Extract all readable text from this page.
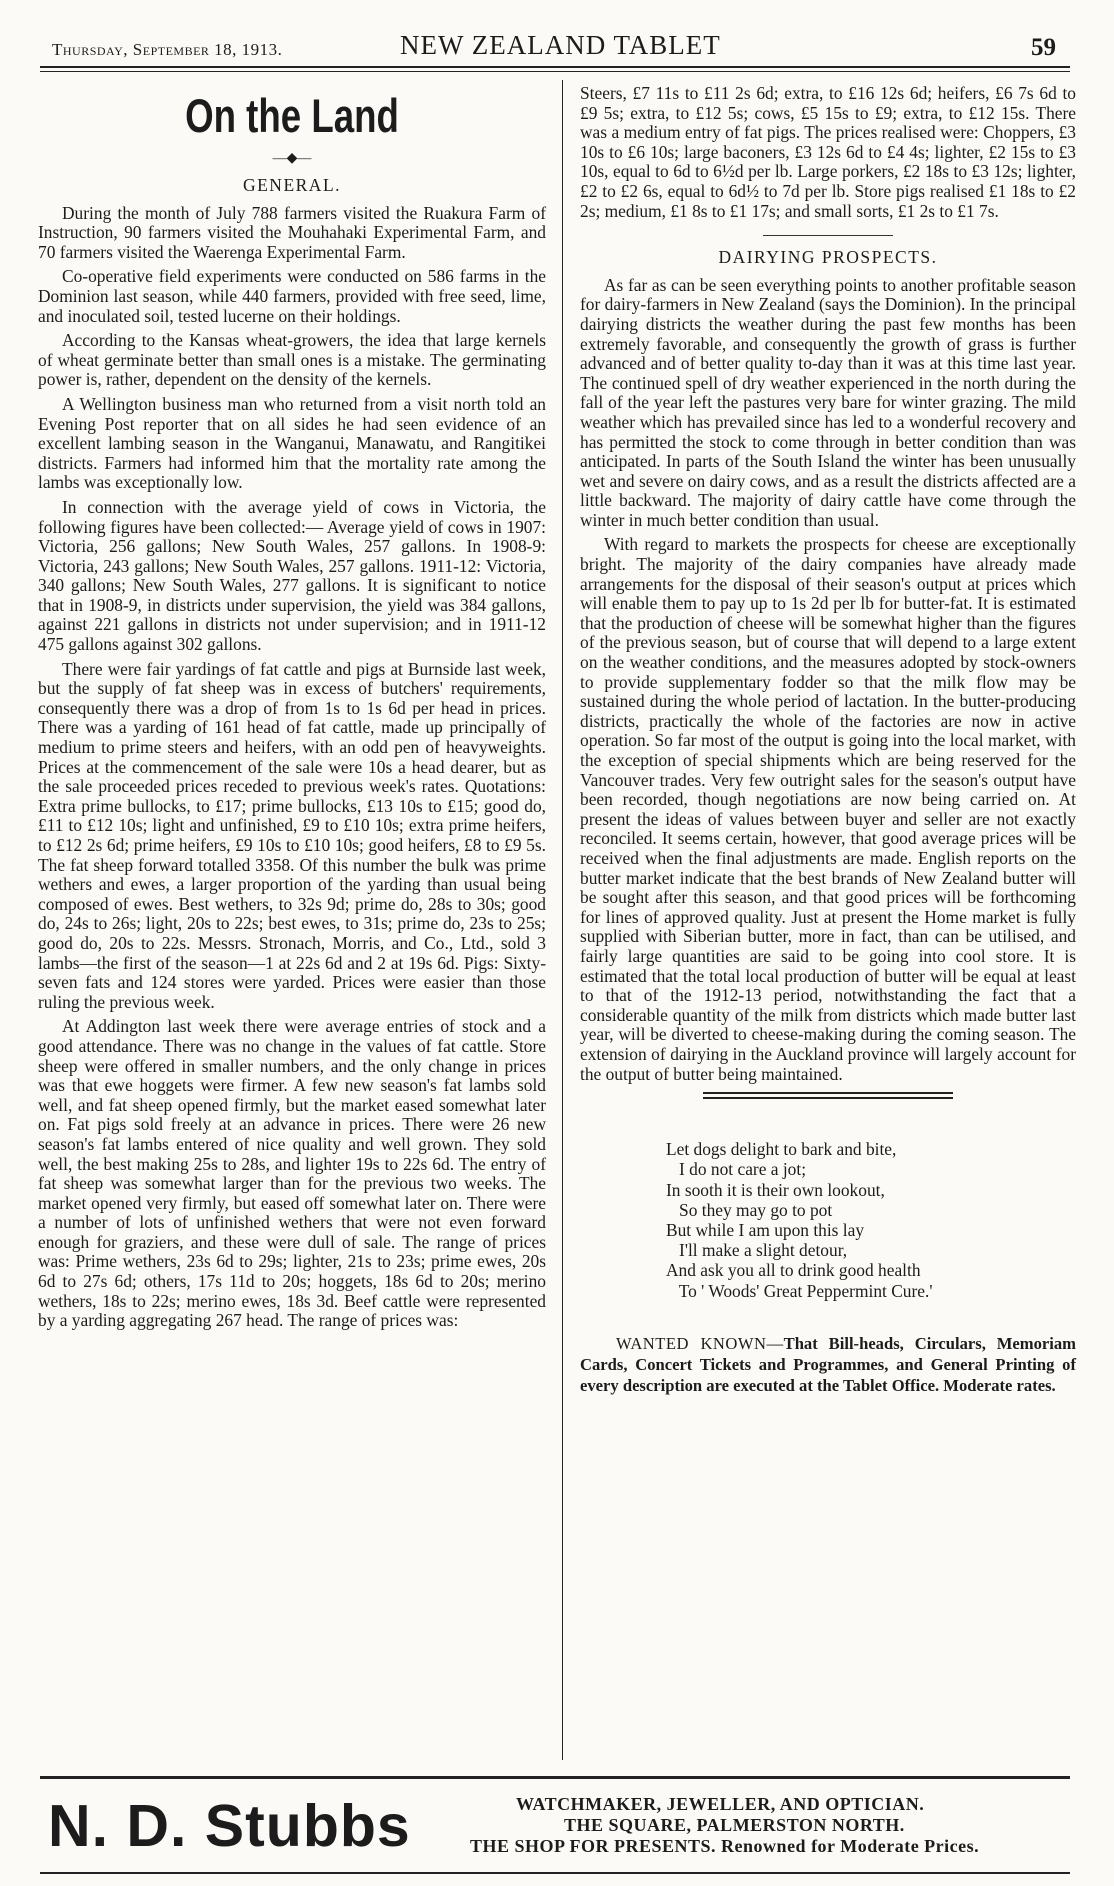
Thursday, September 18, 1913.	NEW ZEALAND TABLET	59
On the Land
—◆—
GENERAL.

During the month of July 788 farmers visited the Ruakura Farm of Instruction, 90 farmers visited the Mouhahaki Experimental Farm, and 70 farmers visited the Waerenga Experimental Farm.

Co-operative field experiments were conducted on 586 farms in the Dominion last season, while 440 farmers, provided with free seed, lime, and inoculated soil, tested lucerne on their holdings.

According to the Kansas wheat-growers, the idea that large kernels of wheat germinate better than small ones is a mistake. The germinating power is, rather, dependent on the density of the kernels.

A Wellington business man who returned from a visit north told an Evening Post reporter that on all sides he had seen evidence of an excellent lambing season in the Wanganui, Manawatu, and Rangitikei districts. Farmers had informed him that the mortality rate among the lambs was exceptionally low.

In connection with the average yield of cows in Victoria, the following figures have been collected:— Average yield of cows in 1907: Victoria, 256 gallons; New South Wales, 257 gallons. In 1908-9: Victoria, 243 gallons; New South Wales, 257 gallons. 1911-12: Victoria, 340 gallons; New South Wales, 277 gallons. It is significant to notice that in 1908-9, in districts under supervision, the yield was 384 gallons, against 221 gallons in districts not under supervision; and in 1911-12 475 gallons against 302 gallons.

There were fair yardings of fat cattle and pigs at Burnside last week, but the supply of fat sheep was in excess of butchers' requirements, consequently there was a drop of from 1s to 1s 6d per head in prices. There was a yarding of 161 head of fat cattle, made up principally of medium to prime steers and heifers, with an odd pen of heavyweights. Prices at the commencement of the sale were 10s a head dearer, but as the sale proceeded prices receded to previous week's rates. Quotations: Extra prime bullocks, to £17; prime bullocks, £13 10s to £15; good do, £11 to £12 10s; light and unfinished, £9 to £10 10s; extra prime heifers, to £12 2s 6d; prime heifers, £9 10s to £10 10s; good heifers, £8 to £9 5s. The fat sheep forward totalled 3358. Of this number the bulk was prime wethers and ewes, a larger proportion of the yarding than usual being composed of ewes. Best wethers, to 32s 9d; prime do, 28s to 30s; good do, 24s to 26s; light, 20s to 22s; best ewes, to 31s; prime do, 23s to 25s; good do, 20s to 22s. Messrs. Stronach, Morris, and Co., Ltd., sold 3 lambs—the first of the season—1 at 22s 6d and 2 at 19s 6d. Pigs: Sixty-seven fats and 124 stores were yarded. Prices were easier than those ruling the previous week.

At Addington last week there were average entries of stock and a good attendance. There was no change in the values of fat cattle. Store sheep were offered in smaller numbers, and the only change in prices was that ewe hoggets were firmer. A few new season's fat lambs sold well, and fat sheep opened firmly, but the market eased somewhat later on. Fat pigs sold freely at an advance in prices. There were 26 new season's fat lambs entered of nice quality and well grown. They sold well, the best making 25s to 28s, and lighter 19s to 22s 6d. The entry of fat sheep was somewhat larger than for the previous two weeks. The market opened very firmly, but eased off somewhat later on. There were a number of lots of unfinished wethers that were not even forward enough for graziers, and these were dull of sale. The range of prices was: Prime wethers, 23s 6d to 29s; lighter, 21s to 23s; prime ewes, 20s 6d to 27s 6d; others, 17s 11d to 20s; hoggets, 18s 6d to 20s; merino wethers, 18s to 22s; merino ewes, 18s 3d. Beef cattle were represented by a yarding aggregating 267 head. The range of prices was:

Steers, £7 11s to £11 2s 6d; extra, to £16 12s 6d; heifers, £6 7s 6d to £9 5s; extra, to £12 5s; cows, £5 15s to £9; extra, to £12 15s. There was a medium entry of fat pigs. The prices realised were: Choppers, £3 10s to £6 10s; large baconers, £3 12s 6d to £4 4s; lighter, £2 15s to £3 10s, equal to 6d to 6½d per lb. Large porkers, £2 18s to £3 12s; lighter, £2 to £2 6s, equal to 6d½ to 7d per lb. Store pigs realised £1 18s to £2 2s; medium, £1 8s to £1 17s; and small sorts, £1 2s to £1 7s.

DAIRYING PROSPECTS.

As far as can be seen everything points to another profitable season for dairy-farmers in New Zealand (says the Dominion). In the principal dairying districts the weather during the past few months has been extremely favorable, and consequently the growth of grass is further advanced and of better quality to-day than it was at this time last year. The continued spell of dry weather experienced in the north during the fall of the year left the pastures very bare for winter grazing. The mild weather which has prevailed since has led to a wonderful recovery and has permitted the stock to come through in better condition than was anticipated. In parts of the South Island the winter has been unusually wet and severe on dairy cows, and as a result the districts affected are a little backward. The majority of dairy cattle have come through the winter in much better condition than usual.

With regard to markets the prospects for cheese are exceptionally bright. The majority of the dairy companies have already made arrangements for the disposal of their season's output at prices which will enable them to pay up to 1s 2d per lb for butter-fat. It is estimated that the production of cheese will be somewhat higher than the figures of the previous season, but of course that will depend to a large extent on the weather conditions, and the measures adopted by stock-owners to provide supplementary fodder so that the milk flow may be sustained during the whole period of lactation. In the butter-producing districts, practically the whole of the factories are now in active operation. So far most of the output is going into the local market, with the exception of special shipments which are being reserved for the Vancouver trades. Very few outright sales for the season's output have been recorded, though negotiations are now being carried on. At present the ideas of values between buyer and seller are not exactly reconciled. It seems certain, however, that good average prices will be received when the final adjustments are made. English reports on the butter market indicate that the best brands of New Zealand butter will be sought after this season, and that good prices will be forthcoming for lines of approved quality. Just at present the Home market is fully supplied with Siberian butter, more in fact, than can be utilised, and fairly large quantities are said to be going into cool store. It is estimated that the total local production of butter will be equal at least to that of the 1912-13 period, notwithstanding the fact that a considerable quantity of the milk from districts which made butter last year, will be diverted to cheese-making during the coming season. The extension of dairying in the Auckland province will largely account for the output of butter being maintained.

Let dogs delight to bark and bite,
I do not care a jot;
In sooth it is their own lookout,
So they may go to pot
But while I am upon this lay
I'll make a slight detour,
And ask you all to drink good health
To ' Woods' Great Peppermint Cure.'
WANTED KNOWN—That Bill-heads, Circulars, Memoriam Cards, Concert Tickets and Programmes, and General Printing of every description are executed at the Tablet Office. Moderate rates.
N. D. Stubbs	WATCHMAKER, JEWELLER, AND OPTICIAN.
THE SQUARE, PALMERSTON NORTH.
THE SHOP FOR PRESENTS. Renowned for Moderate Prices.
